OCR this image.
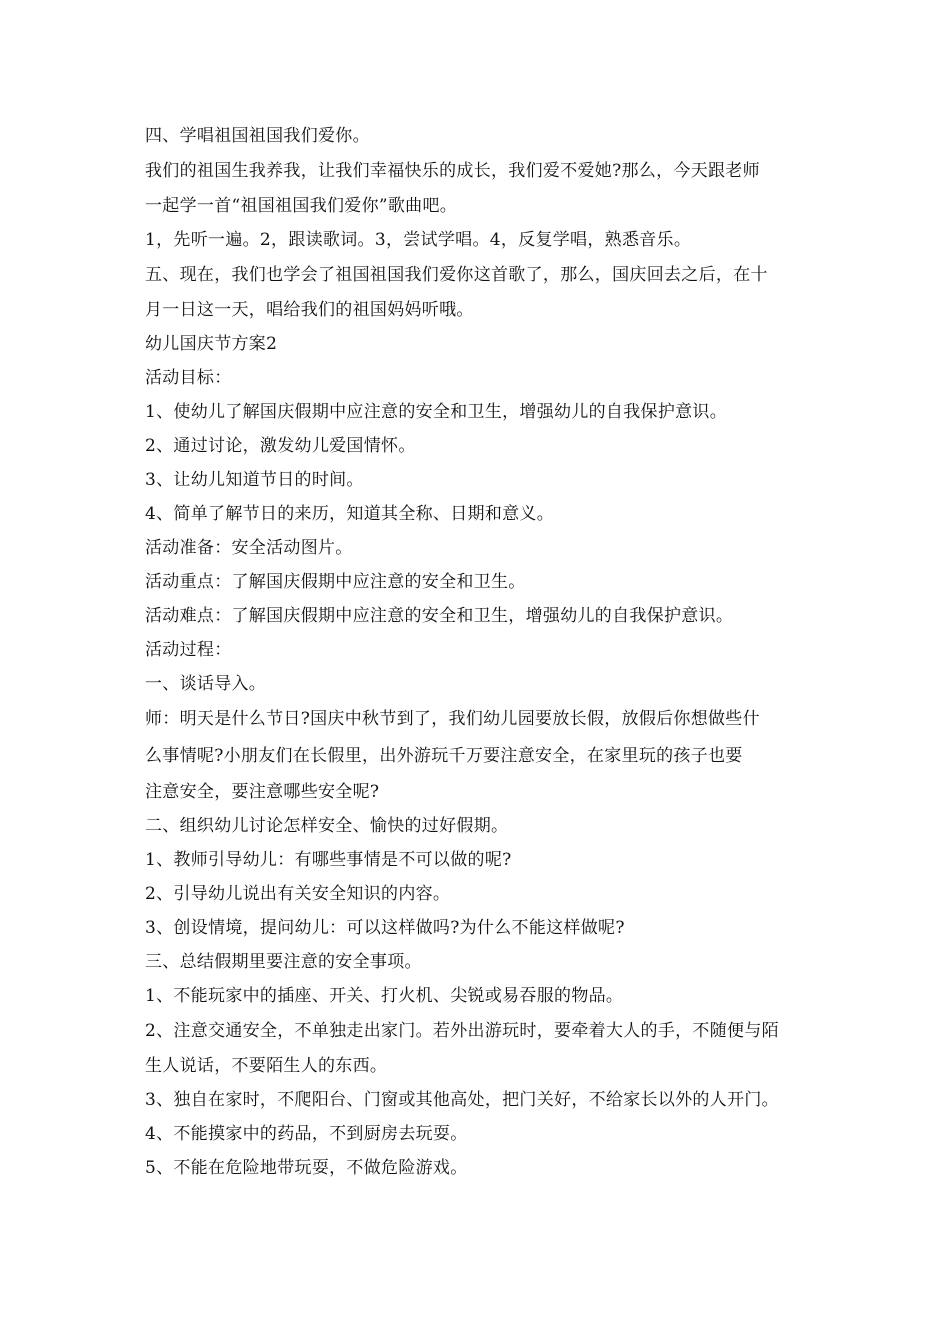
四、学唱祖国祖国我们爱你。
我们的祖国生我养我，让我们幸福快乐的成长，我们爱不爱她?那么，今天跟老师
一起学一首“祖国祖国我们爱你”歌曲吧。
1，先听一遍。2，跟读歌词。3，尝试学唱。4，反复学唱，熟悉音乐。
五、现在，我们也学会了祖国祖国我们爱你这首歌了，那么，国庆回去之后，在十
月一日这一天，唱给我们的祖国妈妈听哦。
幼儿国庆节方案2
活动目标：
1、使幼儿了解国庆假期中应注意的安全和卫生，增强幼儿的自我保护意识。
2、通过讨论，激发幼儿爱国情怀。
3、让幼儿知道节日的时间。
4、简单了解节日的来历，知道其全称、日期和意义。
活动准备：安全活动图片。
活动重点：了解国庆假期中应注意的安全和卫生。
活动难点：了解国庆假期中应注意的安全和卫生，增强幼儿的自我保护意识。
活动过程：
一、谈话导入。
师：明天是什么节日?国庆中秋节到了，我们幼儿园要放长假，放假后你想做些什
么事情呢?小朋友们在长假里，出外游玩千万要注意安全，在家里玩的孩子也要
注意安全，要注意哪些安全呢?
二、组织幼儿讨论怎样安全、愉快的过好假期。
1、教师引导幼儿：有哪些事情是不可以做的呢?
2、引导幼儿说出有关安全知识的内容。
3、创设情境，提问幼儿：可以这样做吗?为什么不能这样做呢?
三、总结假期里要注意的安全事项。
1、不能玩家中的插座、开关、打火机、尖锐或易吞服的物品。
2、注意交通安全，不单独走出家门。若外出游玩时，要牵着大人的手，不随便与陌
生人说话，不要陌生人的东西。
3、独自在家时，不爬阳台、门窗或其他高处，把门关好，不给家长以外的人开门。
4、不能摸家中的药品，不到厨房去玩耍。
5、不能在危险地带玩耍，不做危险游戏。
